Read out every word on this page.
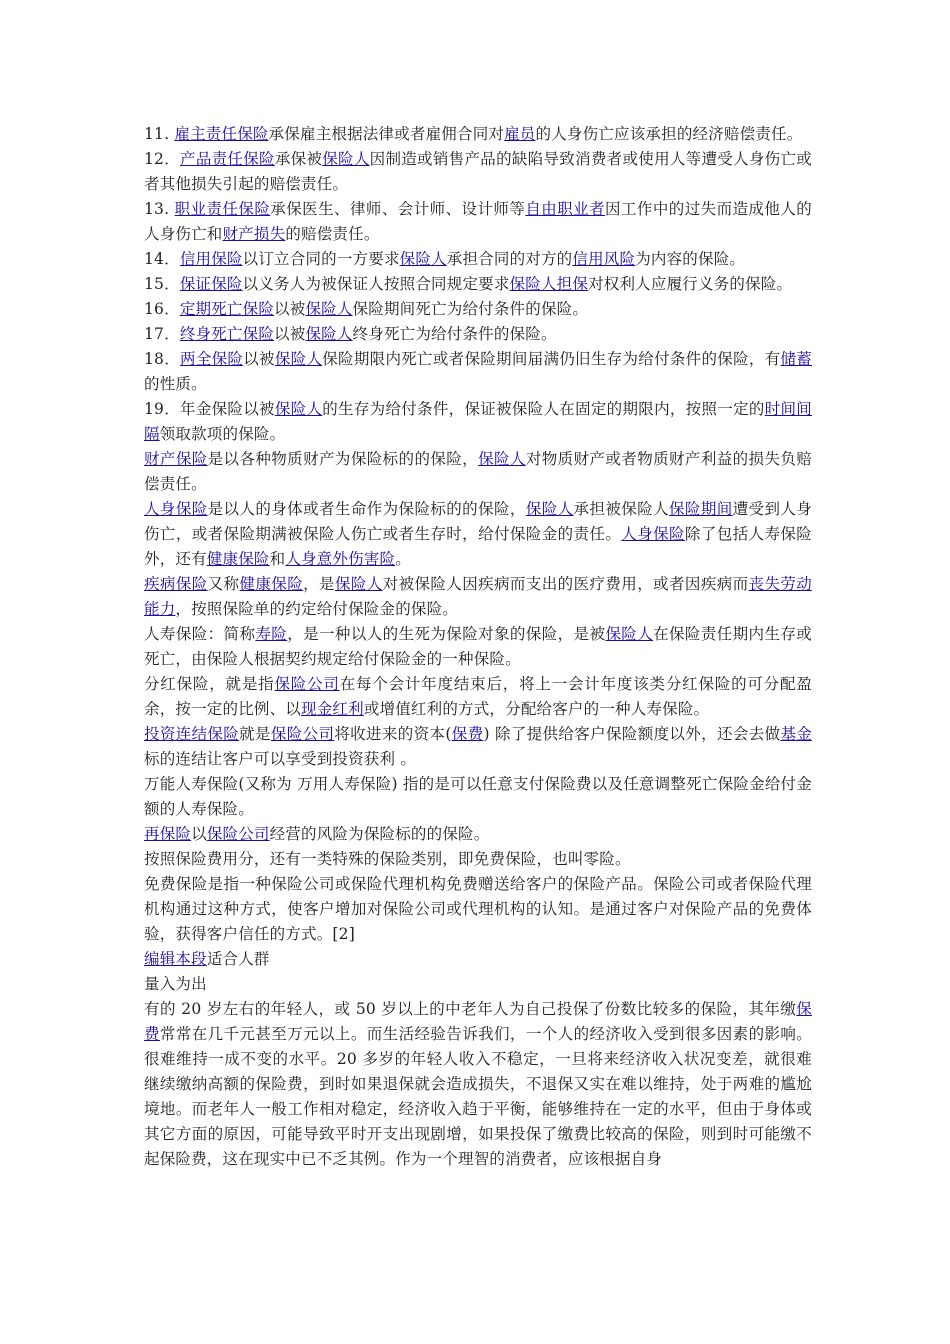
11. 雇主责任保险承保雇主根据法律或者雇佣合同对雇员的人身伤亡应该承担的经济赔偿责任。

12．产品责任保险承保被保险人因制造或销售产品的缺陷导致消费者或使用人等遭受人身伤亡或者其他损失引起的赔偿责任。

13. 职业责任保险承保医生、律师、会计师、设计师等自由职业者因工作中的过失而造成他人的人身伤亡和财产损失的赔偿责任。

14．信用保险以订立合同的一方要求保险人承担合同的对方的信用风险为内容的保险。

15．保证保险以义务人为被保证人按照合同规定要求保险人担保对权利人应履行义务的保险。

16．定期死亡保险以被保险人保险期间死亡为给付条件的保险。

17．终身死亡保险以被保险人终身死亡为给付条件的保险。

18．两全保险以被保险人保险期限内死亡或者保险期间届满仍旧生存为给付条件的保险，有储蓄的性质。

19．年金保险以被保险人的生存为给付条件，保证被保险人在固定的期限内，按照一定的时间间隔领取款项的保险。

财产保险是以各种物质财产为保险标的的保险，保险人对物质财产或者物质财产利益的损失负赔偿责任。

人身保险是以人的身体或者生命作为保险标的的保险，保险人承担被保险人保险期间遭受到人身伤亡，或者保险期满被保险人伤亡或者生存时，给付保险金的责任。人身保险除了包括人寿保险外，还有健康保险和人身意外伤害险。

疾病保险又称健康保险，是保险人对被保险人因疾病而支出的医疗费用，或者因疾病而丧失劳动能力，按照保险单的约定给付保险金的保险。

人寿保险：简称寿险，是一种以人的生死为保险对象的保险，是被保险人在保险责任期内生存或死亡，由保险人根据契约规定给付保险金的一种保险。

分红保险，就是指保险公司在每个会计年度结束后，将上一会计年度该类分红保险的可分配盈余，按一定的比例、以现金红利或增值红利的方式，分配给客户的一种人寿保险。

投资连结保险就是保险公司将收进来的资本(保费) 除了提供给客户保险额度以外，还会去做基金标的连结让客户可以享受到投资获利 。

万能人寿保险(又称为 万用人寿保险) 指的是可以任意支付保险费以及任意调整死亡保险金给付金额的人寿保险。

再保险以保险公司经营的风险为保险标的的保险。

按照保险费用分，还有一类特殊的保险类别，即免费保险，也叫零险。

免费保险是指一种保险公司或保险代理机构免费赠送给客户的保险产品。保险公司或者保险代理机构通过这种方式，使客户增加对保险公司或代理机构的认知。是通过客户对保险产品的免费体验，获得客户信任的方式。[2]

编辑本段适合人群

量入为出

有的 20 岁左右的年轻人，或 50 岁以上的中老年人为自己投保了份数比较多的保险，其年缴保费常常在几千元甚至万元以上。而生活经验告诉我们，一个人的经济收入受到很多因素的影响。很难维持一成不变的水平。20 多岁的年轻人收入不稳定，一旦将来经济收入状况变差，就很难继续缴纳高额的保险费，到时如果退保就会造成损失，不退保又实在难以维持，处于两难的尴尬境地。而老年人一般工作相对稳定，经济收入趋于平衡，能够维持在一定的水平，但由于身体或其它方面的原因，可能导致平时开支出现剧增，如果投保了缴费比较高的保险，则到时可能缴不起保险费，这在现实中已不乏其例。作为一个理智的消费者，应该根据自身
